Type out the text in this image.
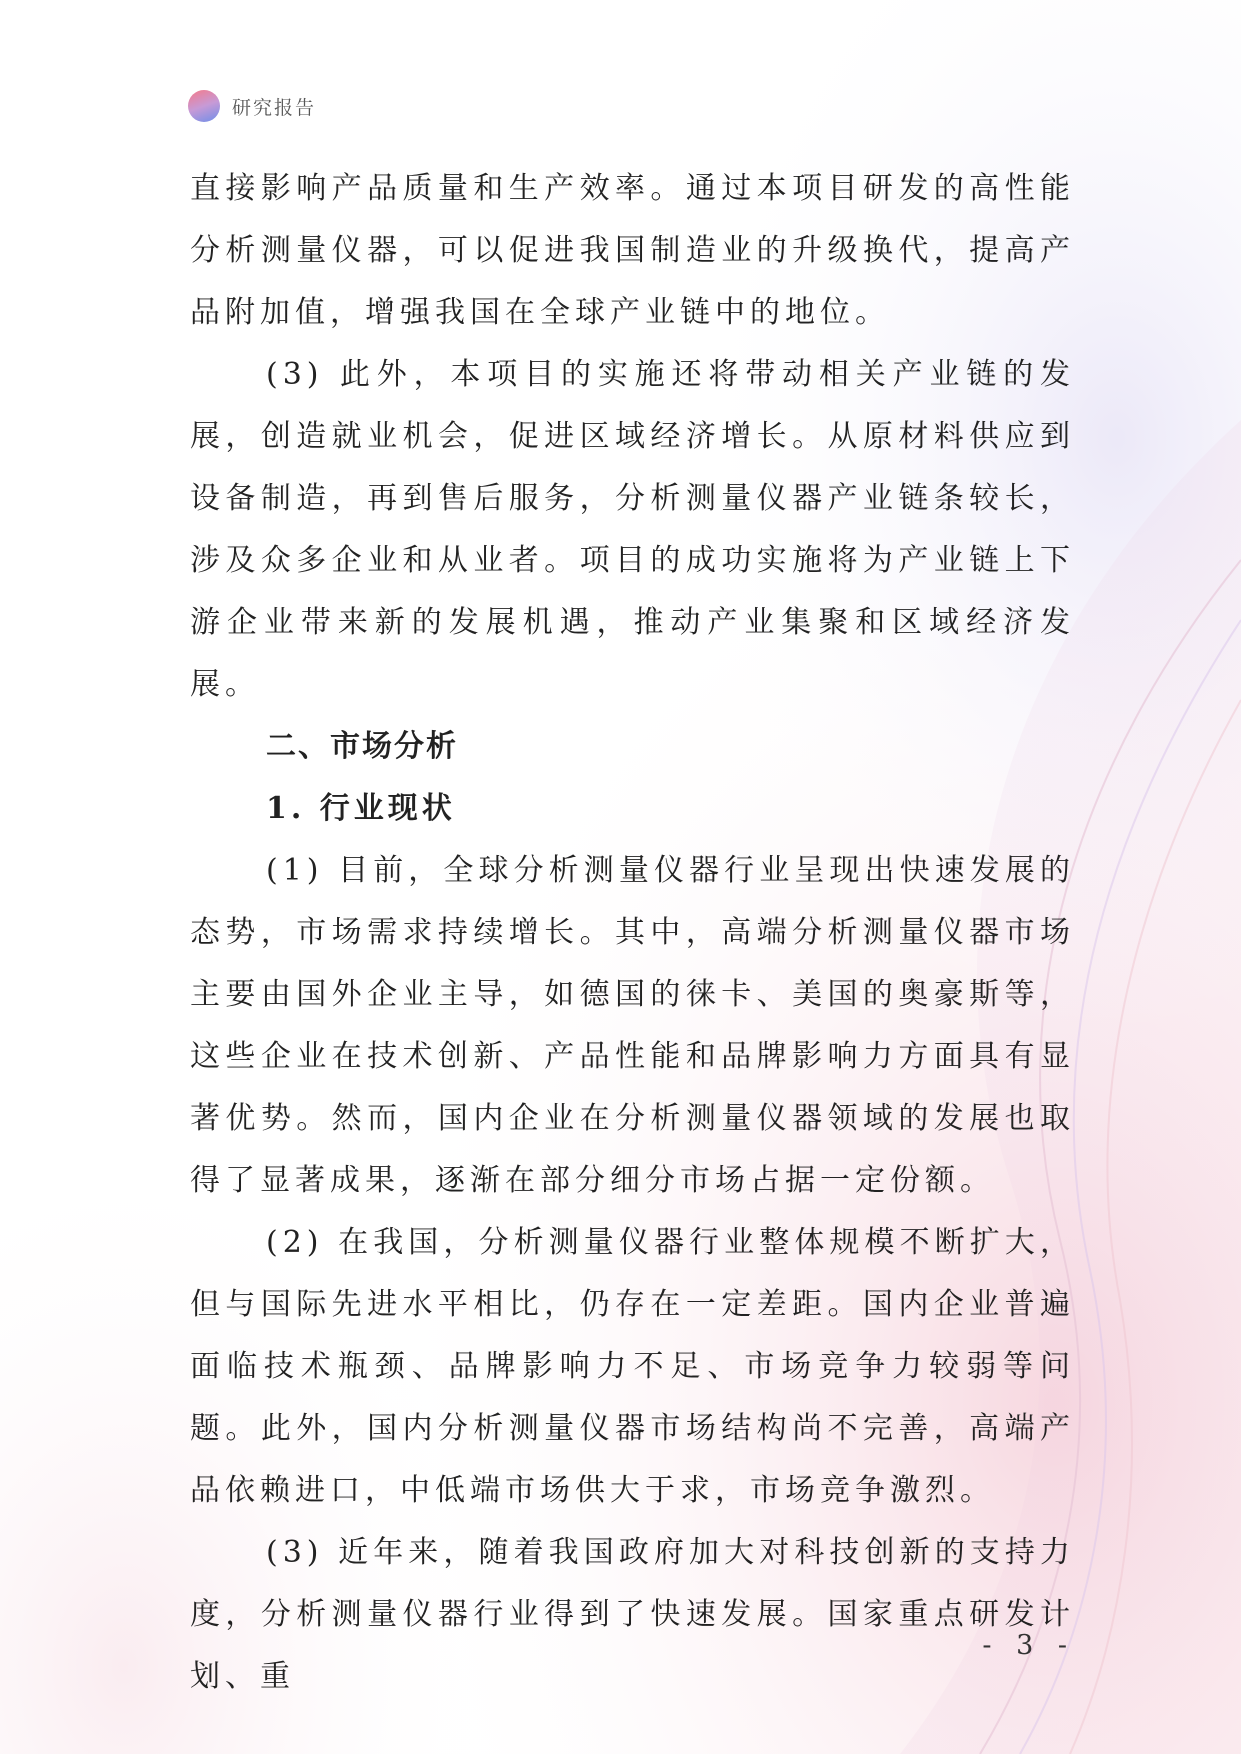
研究报告

直接影响产品质量和生产效率。通过本项目研发的高性能分析测量仪器，可以促进我国制造业的升级换代，提高产品附加值，增强我国在全球产业链中的地位。

(3) 此外，本项目的实施还将带动相关产业链的发展，创造就业机会，促进区域经济增长。从原材料供应到设备制造，再到售后服务，分析测量仪器产业链条较长，涉及众多企业和从业者。项目的成功实施将为产业链上下游企业带来新的发展机遇，推动产业集聚和区域经济发展。

二、市场分析
1. 行业现状

(1) 目前，全球分析测量仪器行业呈现出快速发展的态势，市场需求持续增长。其中，高端分析测量仪器市场主要由国外企业主导，如德国的徕卡、美国的奥豪斯等，这些企业在技术创新、产品性能和品牌影响力方面具有显著优势。然而，国内企业在分析测量仪器领域的发展也取得了显著成果，逐渐在部分细分市场占据一定份额。

(2) 在我国，分析测量仪器行业整体规模不断扩大，但与国际先进水平相比，仍存在一定差距。国内企业普遍面临技术瓶颈、品牌影响力不足、市场竞争力较弱等问题。此外，国内分析测量仪器市场结构尚不完善，高端产品依赖进口，中低端市场供大于求，市场竞争激烈。

(3) 近年来，随着我国政府加大对科技创新的支持力度，分析测量仪器行业得到了快速发展。国家重点研发计划、重

- 3 -
